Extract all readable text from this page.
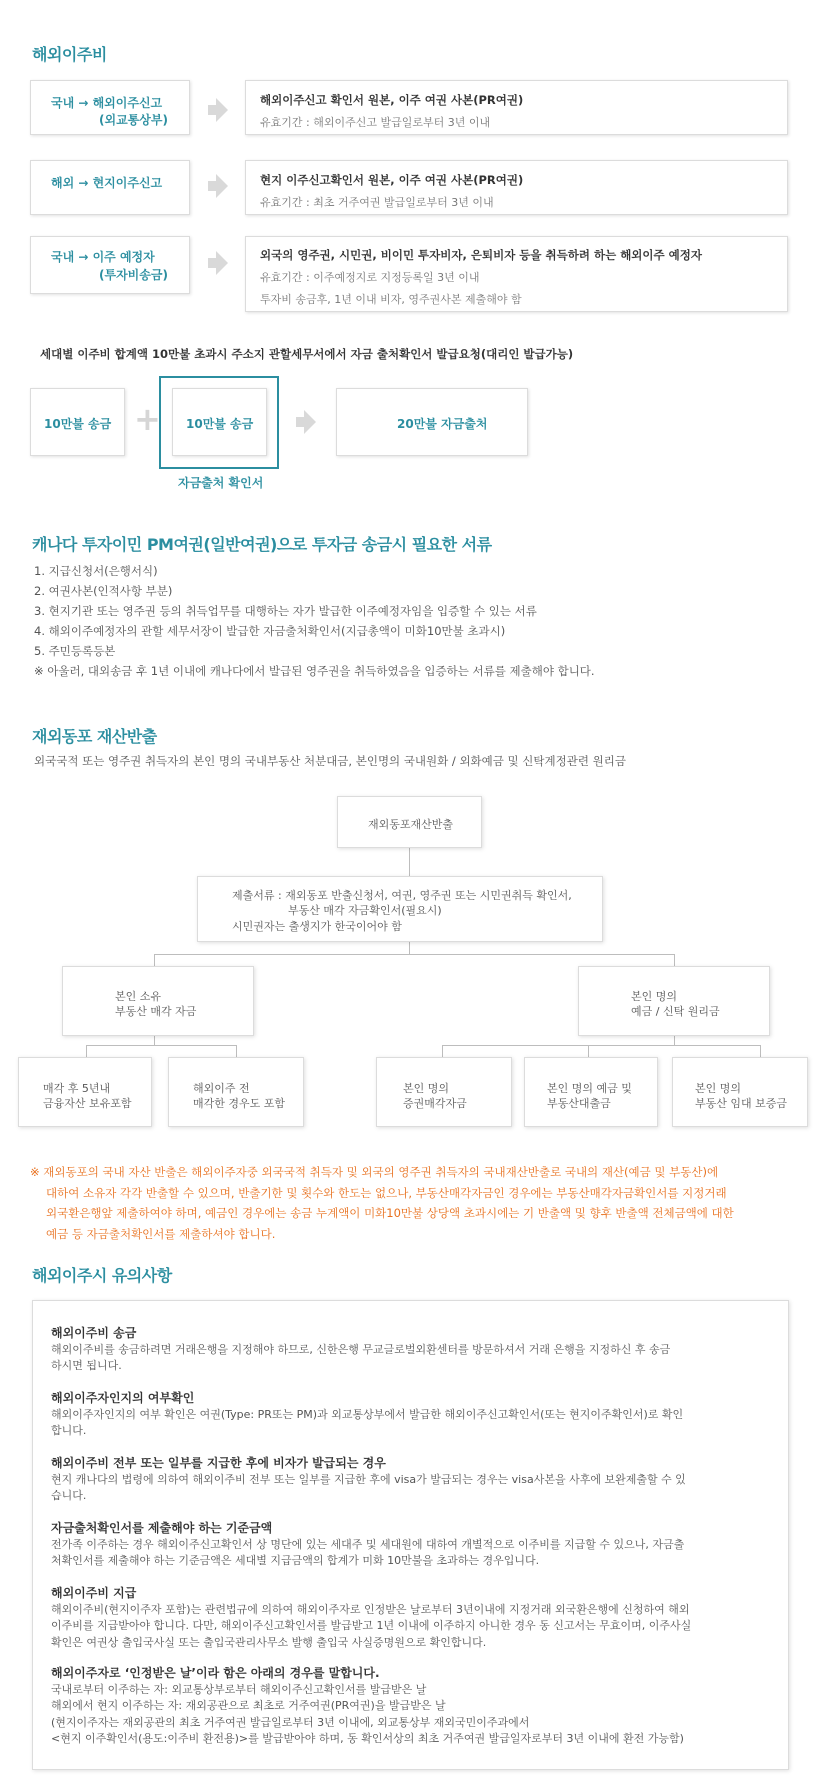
해외이주비
국내 → 해외이주신고
(외교통상부)
해외이주신고 확인서 원본, 이주 여권 사본(PR여권)
유효기간 : 해외이주신고 발급일로부터 3년 이내
해외 → 현지이주신고	현지 이주신고확인서 원본, 이주 여권 사본(PR여권)
유효기간 : 최초 거주여권 발급일로부터 3년 이내
국내 → 이주 예정자
(투자비송금)
외국의 영주권, 시민권, 비이민 투자비자, 은퇴비자 등을 취득하려 하는 해외이주 예정자
유효기간 : 이주예정지로 지정등록일 3년 이내
투자비 송금후, 1년 이내 비자, 영주권사본 제출해야 함
세대별 이주비 합계액 10만불 초과시 주소지 관할세무서에서 자금 출처확인서 발급요청(대리인 발급가능)
10만불 송금 + 10만불 송금
자금출처 확인서
20만불 자금출처
캐나다 투자이민 PM여권(일반여권)으로 투자금 송금시 필요한 서류
1. 지급신청서(은행서식)
2. 여권사본(인적사항 부분)
3. 현지기관 또는 영주권 등의 취득업무를 대행하는 자가 발급한 이주예정자임을 입증할 수 있는 서류
4. 해외이주예정자의 관할 세무서장이 발급한 자금출처확인서(지급총액이 미화10만불 초과시)
5. 주민등록등본
※ 아울러, 대외송금 후 1년 이내에 캐나다에서 발급된 영주권을 취득하였음을 입증하는 서류를 제출해야 합니다.
재외동포 재산반출
외국국적 또는 영주권 취득자의 본인 명의 국내부동산 처분대금, 본인명의 국내원화 / 외화예금 및 신탁계정관련 원리금
재외동포재산반출
제출서류 : 재외동포 반출신청서, 여권, 영주권 또는 시민권취득 확인서,
부동산 매각 자금확인서(필요시)
시민권자는 출생지가 한국이어야 함
본인 소유
부동산 매각 자금
본인 명의
예금 / 신탁 원리금
매각 후 5년내
금융자산 보유포함
해외이주 전
매각한 경우도 포함
본인 명의
증권매각자금
본인 명의 예금 및
부동산대출금
본인 명의
부동산 임대 보증금
※ 재외동포의 국내 자산 반출은 해외이주자중 외국국적 취득자 및 외국의 영주권 취득자의 국내재산반출로 국내의 재산(예금 및 부동산)에
대하여 소유자 각각 반출할 수 있으며, 반출기한 및 횟수와 한도는 없으나, 부동산매각자금인 경우에는 부동산매각자금확인서를 지정거래
외국환은행앞 제출하여야 하며, 예금인 경우에는 송금 누계액이 미화10만불 상당액 초과시에는 기 반출액 및 향후 반출액 전체금액에 대한
예금 등 자금출처확인서를 제출하셔야 합니다.
해외이주시 유의사항
해외이주비 송금
해외이주비를 송금하려면 거래은행을 지정해야 하므로, 신한은행 무교글로벌외환센터를 방문하셔서 거래 은행을 지정하신 후 송금
하시면 됩니다.
해외이주자인지의 여부확인
해외이주자인지의 여부 확인은 여권(Type: PR또는 PM)과 외교통상부에서 발급한 해외이주신고확인서(또는 현지이주확인서)로 확인
합니다.
해외이주비 전부 또는 일부를 지급한 후에 비자가 발급되는 경우
현지 캐나다의 법령에 의하여 해외이주비 전부 또는 일부를 지급한 후에 visa가 발급되는 경우는 visa사본을 사후에 보완제출할 수 있
습니다.
자금출처확인서를 제출해야 하는 기준금액
전가족 이주하는 경우 해외이주신고확인서 상 명단에 있는 세대주 및 세대원에 대하여 개별적으로 이주비를 지급할 수 있으나, 자금출
처확인서를 제출해야 하는 기준금액은 세대별 지급금액의 합계가 미화 10만불을 초과하는 경우입니다.
해외이주비 지급
해외이주비(현지이주자 포함)는 관련법규에 의하여 해외이주자로 인정받은 날로부터 3년이내에 지정거래 외국환은행에 신청하여 해외
이주비를 지급받아야 합니다. 다만, 해외이주신고확인서를 발급받고 1년 이내에 이주하지 아니한 경우 동 신고서는 무효이며, 이주사실
확인은 여권상 출입국사실 또는 출입국관리사무소 발행 출입국 사실증명원으로 확인합니다.
해외이주자로 ‘인정받은 날’이라 함은 아래의 경우를 말합니다.
국내로부터 이주하는 자: 외교통상부로부터 해외이주신고확인서를 발급받은 날
해외에서 현지 이주하는 자: 재외공관으로 최초로 거주여권(PR여권)을 발급받은 날
(현지이주자는 재외공관의 최초 거주여권 발급일로부터 3년 이내에, 외교통상부 재외국민이주과에서
<현지 이주확인서(용도:이주비 환전용)>를 발급받아야 하며, 동 확인서상의 최초 거주여권 발급일자로부터 3년 이내에 환전 가능함)
